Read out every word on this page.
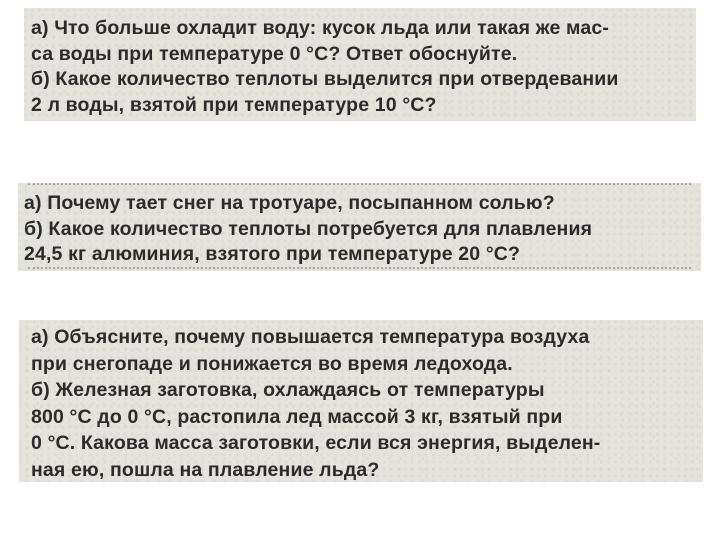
а) Что больше охладит воду: кусок льда или такая же мас-
са воды при температуре 0 °С? Ответ обоснуйте.
б) Какое количество теплоты выделится при отвердевании
2 л воды, взятой при температуре 10 °С?
а) Почему тает снег на тротуаре, посыпанном солью?
б) Какое количество теплоты потребуется для плавления
24,5 кг алюминия, взятого при температуре 20 °С?
а) Объясните, почему повышается температура воздуха
при снегопаде и понижается во время ледохода.
б) Железная заготовка, охлаждаясь от температуры
800 °С до 0 °С, растопила лед массой 3 кг, взятый при
0 °С. Какова масса заготовки, если вся энергия, выделен-
ная ею, пошла на плавление льда?
